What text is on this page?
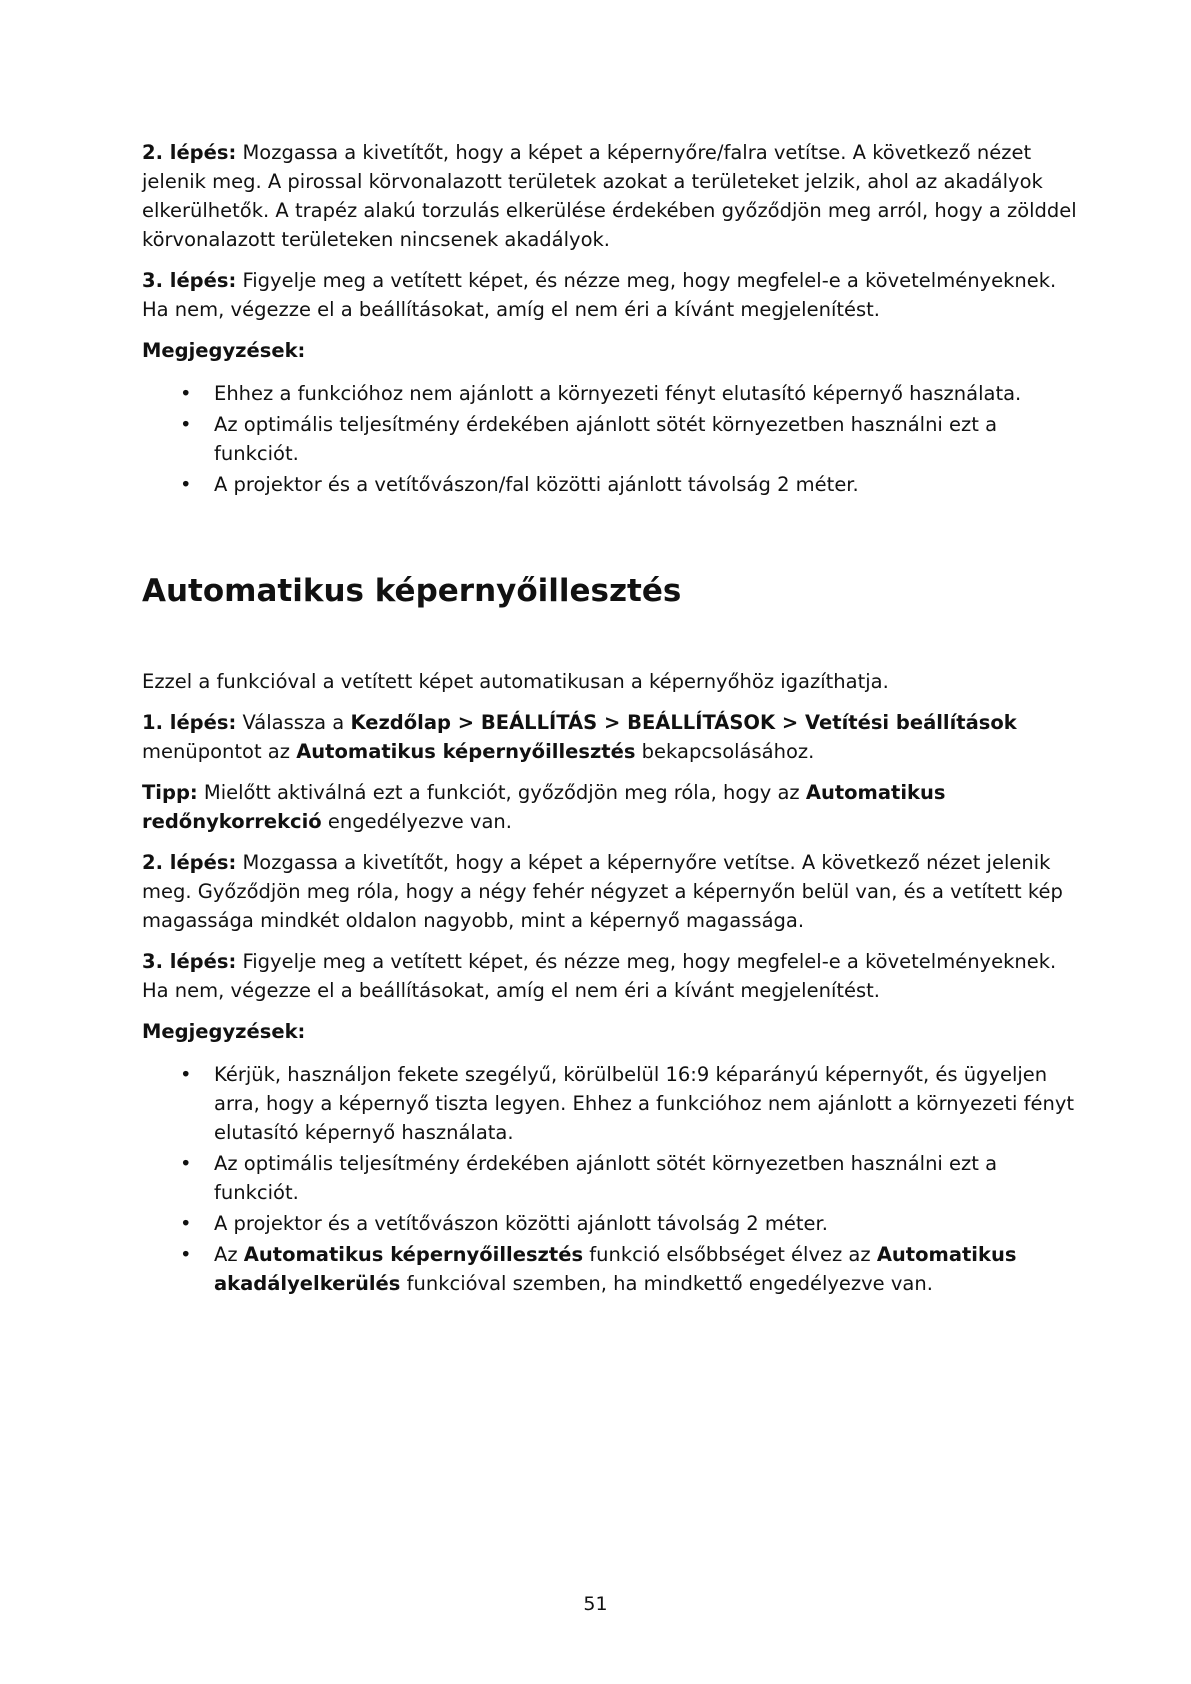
2. lépés: Mozgassa a kivetítőt, hogy a képet a képernyőre/falra vetítse. A következő nézet jelenik meg. A pirossal körvonalazott területek azokat a területeket jelzik, ahol az akadályok elkerülhetők. A trapéz alakú torzulás elkerülése érdekében győződjön meg arról, hogy a zölddel körvonalazott területeken nincsenek akadályok.

3. lépés: Figyelje meg a vetített képet, és nézze meg, hogy megfelel-e a követelményeknek. Ha nem, végezze el a beállításokat, amíg el nem éri a kívánt megjelenítést.

Megjegyzések:

• Ehhez a funkcióhoz nem ajánlott a környezeti fényt elutasító képernyő használata.
• Az optimális teljesítmény érdekében ajánlott sötét környezetben használni ezt a funkciót.
• A projektor és a vetítővászon/fal közötti ajánlott távolság 2 méter.
Automatikus képernyőillesztés

Ezzel a funkcióval a vetített képet automatikusan a képernyőhöz igazíthatja.

1. lépés: Válassza a Kezdőlap > BEÁLLÍTÁS > BEÁLLÍTÁSOK > Vetítési beállítások menüpontot az Automatikus képernyőillesztés bekapcsolásához.

Tipp: Mielőtt aktiválná ezt a funkciót, győződjön meg róla, hogy az Automatikus redőnykorrekció engedélyezve van.

2. lépés: Mozgassa a kivetítőt, hogy a képet a képernyőre vetítse. A következő nézet jelenik meg. Győződjön meg róla, hogy a négy fehér négyzet a képernyőn belül van, és a vetített kép magassága mindkét oldalon nagyobb, mint a képernyő magassága.

3. lépés: Figyelje meg a vetített képet, és nézze meg, hogy megfelel-e a követelményeknek. Ha nem, végezze el a beállításokat, amíg el nem éri a kívánt megjelenítést.

Megjegyzések:

• Kérjük, használjon fekete szegélyű, körülbelül 16:9 képarányú képernyőt, és ügyeljen arra, hogy a képernyő tiszta legyen. Ehhez a funkcióhoz nem ajánlott a környezeti fényt elutasító képernyő használata.
• Az optimális teljesítmény érdekében ajánlott sötét környezetben használni ezt a funkciót.
• A projektor és a vetítővászon közötti ajánlott távolság 2 méter.
• Az Automatikus képernyőillesztés funkció elsőbbséget élvez az Automatikus akadályelkerülés funkcióval szemben, ha mindkettő engedélyezve van.
51
